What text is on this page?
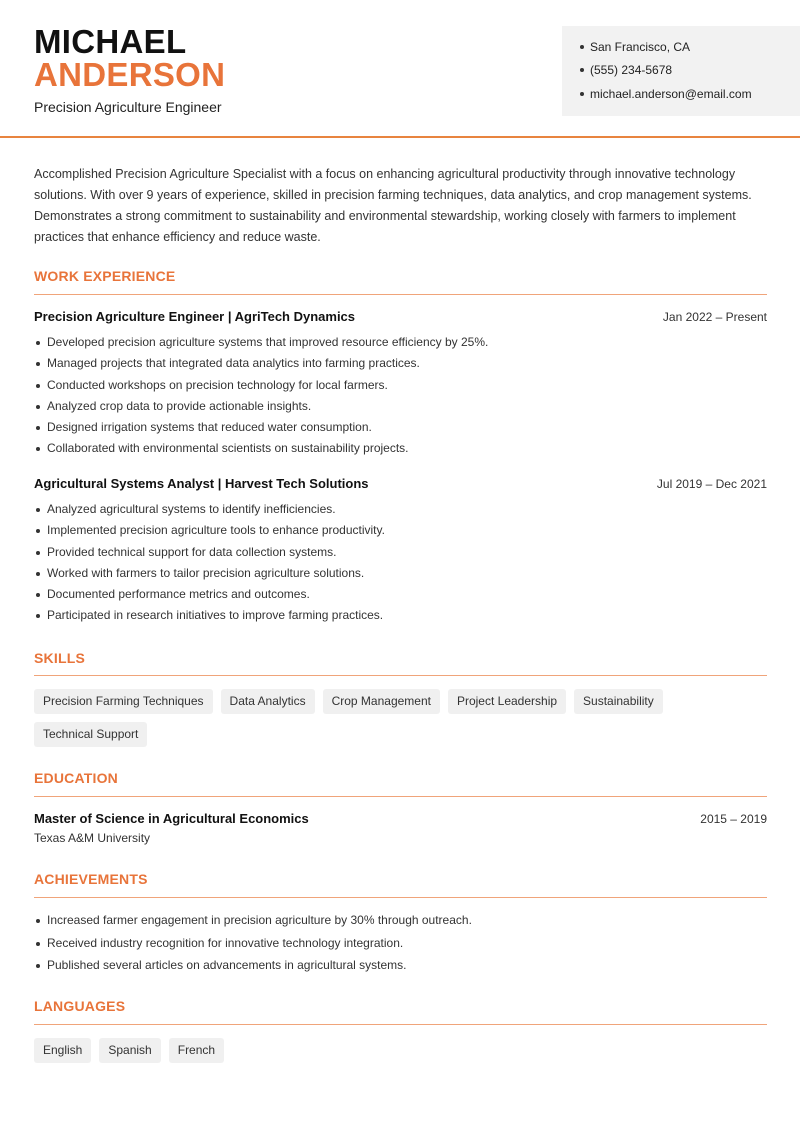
MICHAEL
ANDERSON
Precision Agriculture Engineer
San Francisco, CA
(555) 234-5678
michael.anderson@email.com

Accomplished Precision Agriculture Specialist with a focus on enhancing agricultural productivity through innovative technology solutions. With over 9 years of experience, skilled in precision farming techniques, data analytics, and crop management systems. Demonstrates a strong commitment to sustainability and environmental stewardship, working closely with farmers to implement practices that enhance efficiency and reduce waste.

WORK EXPERIENCE
Precision Agriculture Engineer | AgriTech Dynamics	Jan 2022 – Present
Developed precision agriculture systems that improved resource efficiency by 25%.
Managed projects that integrated data analytics into farming practices.
Conducted workshops on precision technology for local farmers.
Analyzed crop data to provide actionable insights.
Designed irrigation systems that reduced water consumption.
Collaborated with environmental scientists on sustainability projects.
Agricultural Systems Analyst | Harvest Tech Solutions	Jul 2019 – Dec 2021
Analyzed agricultural systems to identify inefficiencies.
Implemented precision agriculture tools to enhance productivity.
Provided technical support for data collection systems.
Worked with farmers to tailor precision agriculture solutions.
Documented performance metrics and outcomes.
Participated in research initiatives to improve farming practices.
SKILLS
Precision Farming Techniques	Data Analytics	Crop Management	Project Leadership	Sustainability
Technical Support
EDUCATION
Master of Science in Agricultural Economics	2015 – 2019
Texas A&M University
ACHIEVEMENTS
Increased farmer engagement in precision agriculture by 30% through outreach.
Received industry recognition for innovative technology integration.
Published several articles on advancements in agricultural systems.
LANGUAGES
English	Spanish	French
